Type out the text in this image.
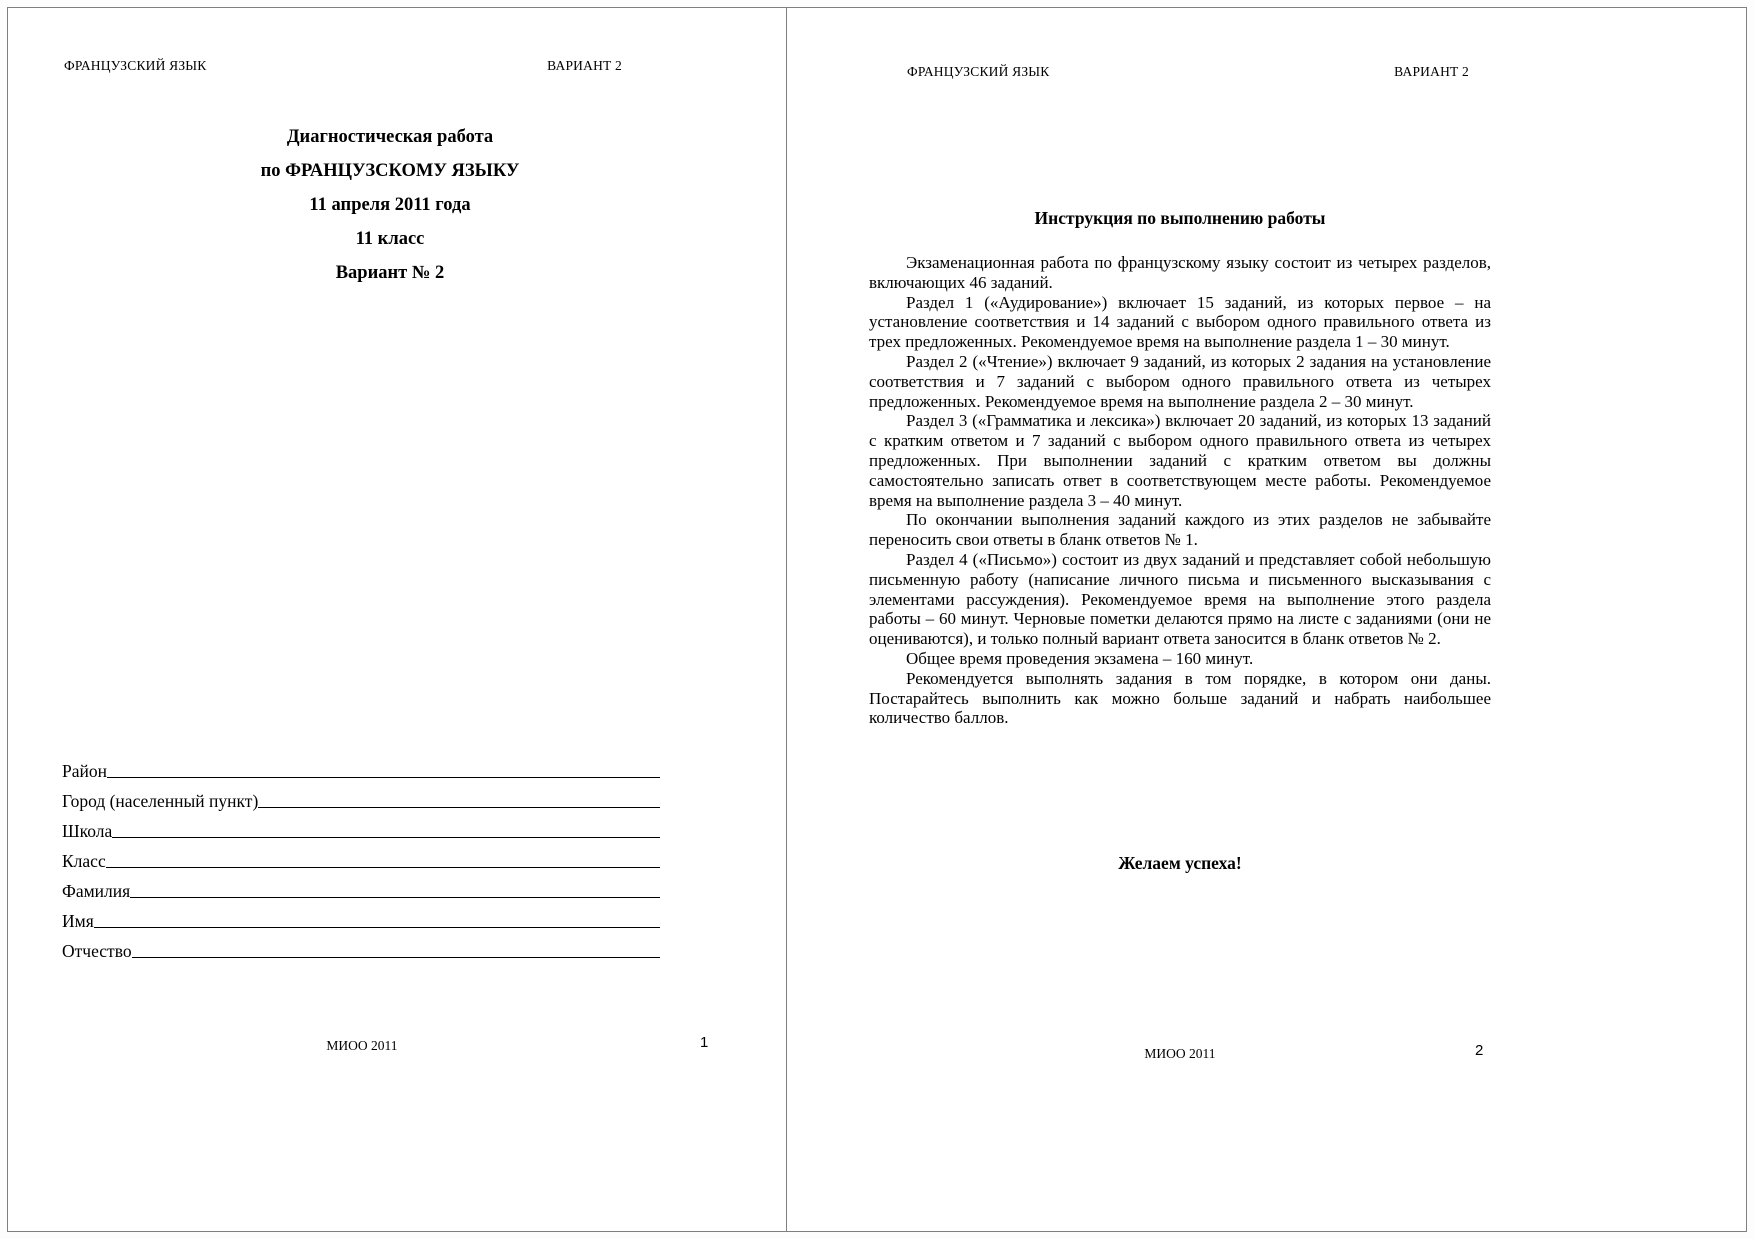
ФРАНЦУЗСКИЙ ЯЗЫК	ВАРИАНТ 2
Диагностическая работа
по ФРАНЦУЗСКОМУ ЯЗЫКУ
11 апреля 2011 года
11 класс
Вариант № 2
Район
Город (населенный пункт)
Школа
Класс
Фамилия
Имя
Отчество
МИОО 2011	1
ФРАНЦУЗСКИЙ ЯЗЫК	ВАРИАНТ 2
Инструкция по выполнению работы

Экзаменационная работа по французскому языку состоит из четырех разделов, включающих 46 заданий.

Раздел 1 («Аудирование») включает 15 заданий, из которых первое – на установление соответствия и 14 заданий с выбором одного правильного ответа из трех предложенных. Рекомендуемое время на выполнение раздела 1 – 30 минут.

Раздел 2 («Чтение») включает 9 заданий, из которых 2 задания на установление соответствия и 7 заданий с выбором одного правильного ответа из четырех предложенных. Рекомендуемое время на выполнение раздела 2 – 30 минут.

Раздел 3 («Грамматика и лексика») включает 20 заданий, из которых 13 заданий с кратким ответом и 7 заданий с выбором одного правильного ответа из четырех предложенных. При выполнении заданий с кратким ответом вы должны самостоятельно записать ответ в соответствующем месте работы. Рекомендуемое время на выполнение раздела 3 – 40 минут.

По окончании выполнения заданий каждого из этих разделов не забывайте переносить свои ответы в бланк ответов № 1.

Раздел 4 («Письмо») состоит из двух заданий и представляет собой небольшую письменную работу (написание личного письма и письменного высказывания с элементами рассуждения). Рекомендуемое время на выполнение этого раздела работы – 60 минут. Черновые пометки делаются прямо на листе с заданиями (они не оцениваются), и только полный вариант ответа заносится в бланк ответов № 2.

Общее время проведения экзамена – 160 минут.

Рекомендуется выполнять задания в том порядке, в котором они даны. Постарайтесь выполнить как можно больше заданий и набрать наибольшее количество баллов.

Желаем успеха!
МИОО 2011	2
